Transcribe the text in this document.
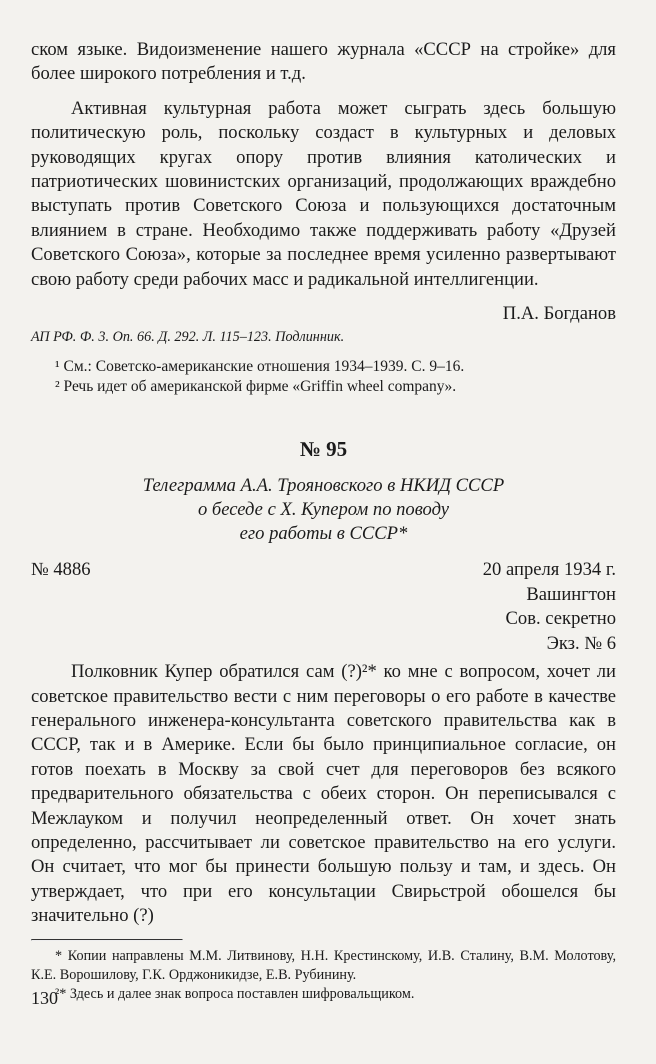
ском языке. Видоизменение нашего журнала «СССР на стройке» для более широкого потребления и т.д.

Активная культурная работа может сыграть здесь большую политическую роль, поскольку создаст в культурных и деловых руководящих кругах опору против влияния католических и патриотических шовинистских организаций, продолжающих враждебно выступать против Советского Союза и пользующихся достаточным влиянием в стране. Необходимо также поддерживать работу «Друзей Советского Союза», которые за последнее время усиленно развертывают свою работу среди рабочих масс и радикальной интеллигенции.

П.А. Богданов

АП РФ. Ф. 3. Оп. 66. Д. 292. Л. 115–123. Подлинник.

¹ См.: Советско-американские отношения 1934–1939. С. 9–16.

² Речь идет об американской фирме «Griffin wheel company».

№ 95

Телеграмма А.А. Трояновского в НКИД СССР

о беседе с Х. Купером по поводу

его работы в СССР*

№ 4886	20 апреля 1934 г.

Вашингтон

Сов. секретно

Экз. № 6

Полковник Купер обратился сам (?)²* ко мне с вопросом, хочет ли советское правительство вести с ним переговоры о его работе в качестве генерального инженера-консультанта советского правительства как в СССР, так и в Америке. Если бы было принципиальное согласие, он готов поехать в Москву за свой счет для переговоров без всякого предварительного обязательства с обеих сторон. Он переписывался с Межлауком и получил неопределенный ответ. Он хочет знать определенно, рассчитывает ли советское правительство на его услуги. Он считает, что мог бы принести большую пользу и там, и здесь. Он утверждает, что при его консультации Свирьстрой обошелся бы значительно (?)

* Копии направлены М.М. Литвинову, Н.Н. Крестинскому, И.В. Сталину, В.М. Молотову, К.Е. Ворошилову, Г.К. Орджоникидзе, Е.В. Рубинину.

²* Здесь и далее знак вопроса поставлен шифровальщиком.

130
